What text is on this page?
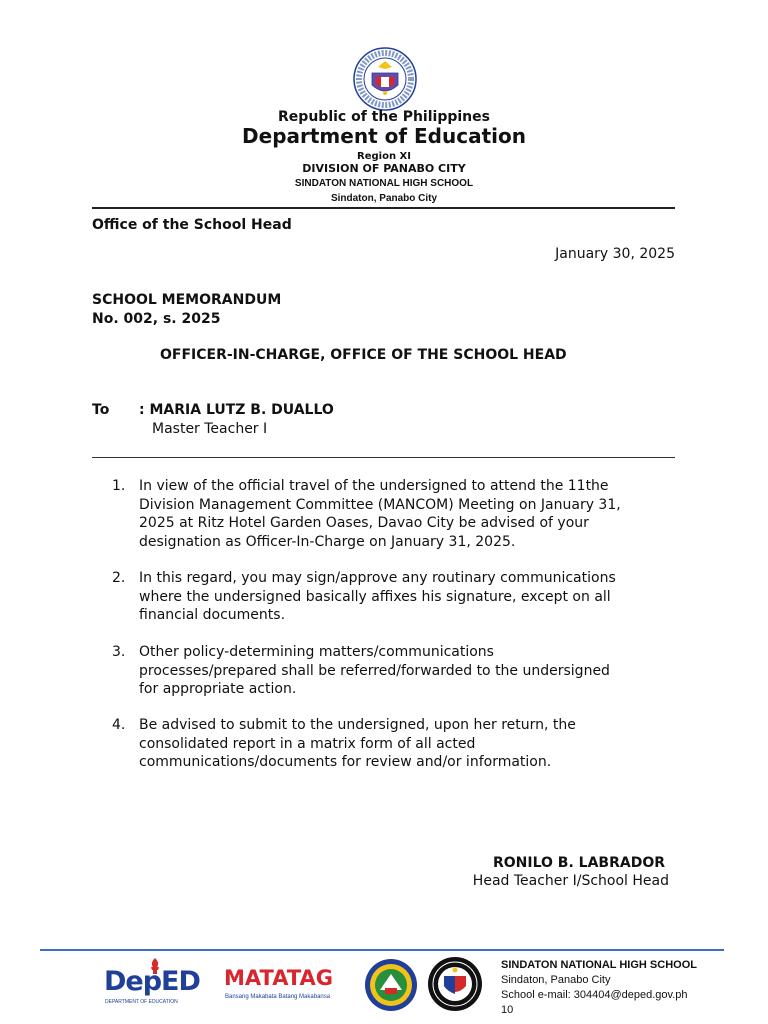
Republic of the Philippines
Department of Education
Region XI
DIVISION OF PANABO CITY
SINDATON NATIONAL HIGH SCHOOL
Sindaton, Panabo City
Office of the School Head
January 30, 2025
SCHOOL MEMORANDUM
No. 002, s. 2025
OFFICER-IN-CHARGE, OFFICE OF THE SCHOOL HEAD
To : MARIA LUTZ B. DUALLO
Master Teacher I
1. In view of the official travel of the undersigned to attend the 11the
Division Management Committee (MANCOM) Meeting on January 31,
2025 at Ritz Hotel Garden Oases, Davao City be advised of your
designation as Officer-In-Charge on January 31, 2025.
2. In this regard, you may sign/approve any routinary communications
where the undersigned basically affixes his signature, except on all
financial documents.
3. Other policy-determining matters/communications
processes/prepared shall be referred/forwarded to the undersigned
for appropriate action.
4. Be advised to submit to the undersigned, upon her return, the
consolidated report in a matrix form of all acted
communications/documents for review and/or information.
RONILO B. LABRADOR
Head Teacher I/School Head
DepED
DEPARTMENT OF EDUCATION
MATATAG
Bansang Makabata Batang Makabansa
SINDATON NATIONAL HIGH SCHOOL
Sindaton, Panabo City
School e-mail: 304404@deped.gov.ph
10
